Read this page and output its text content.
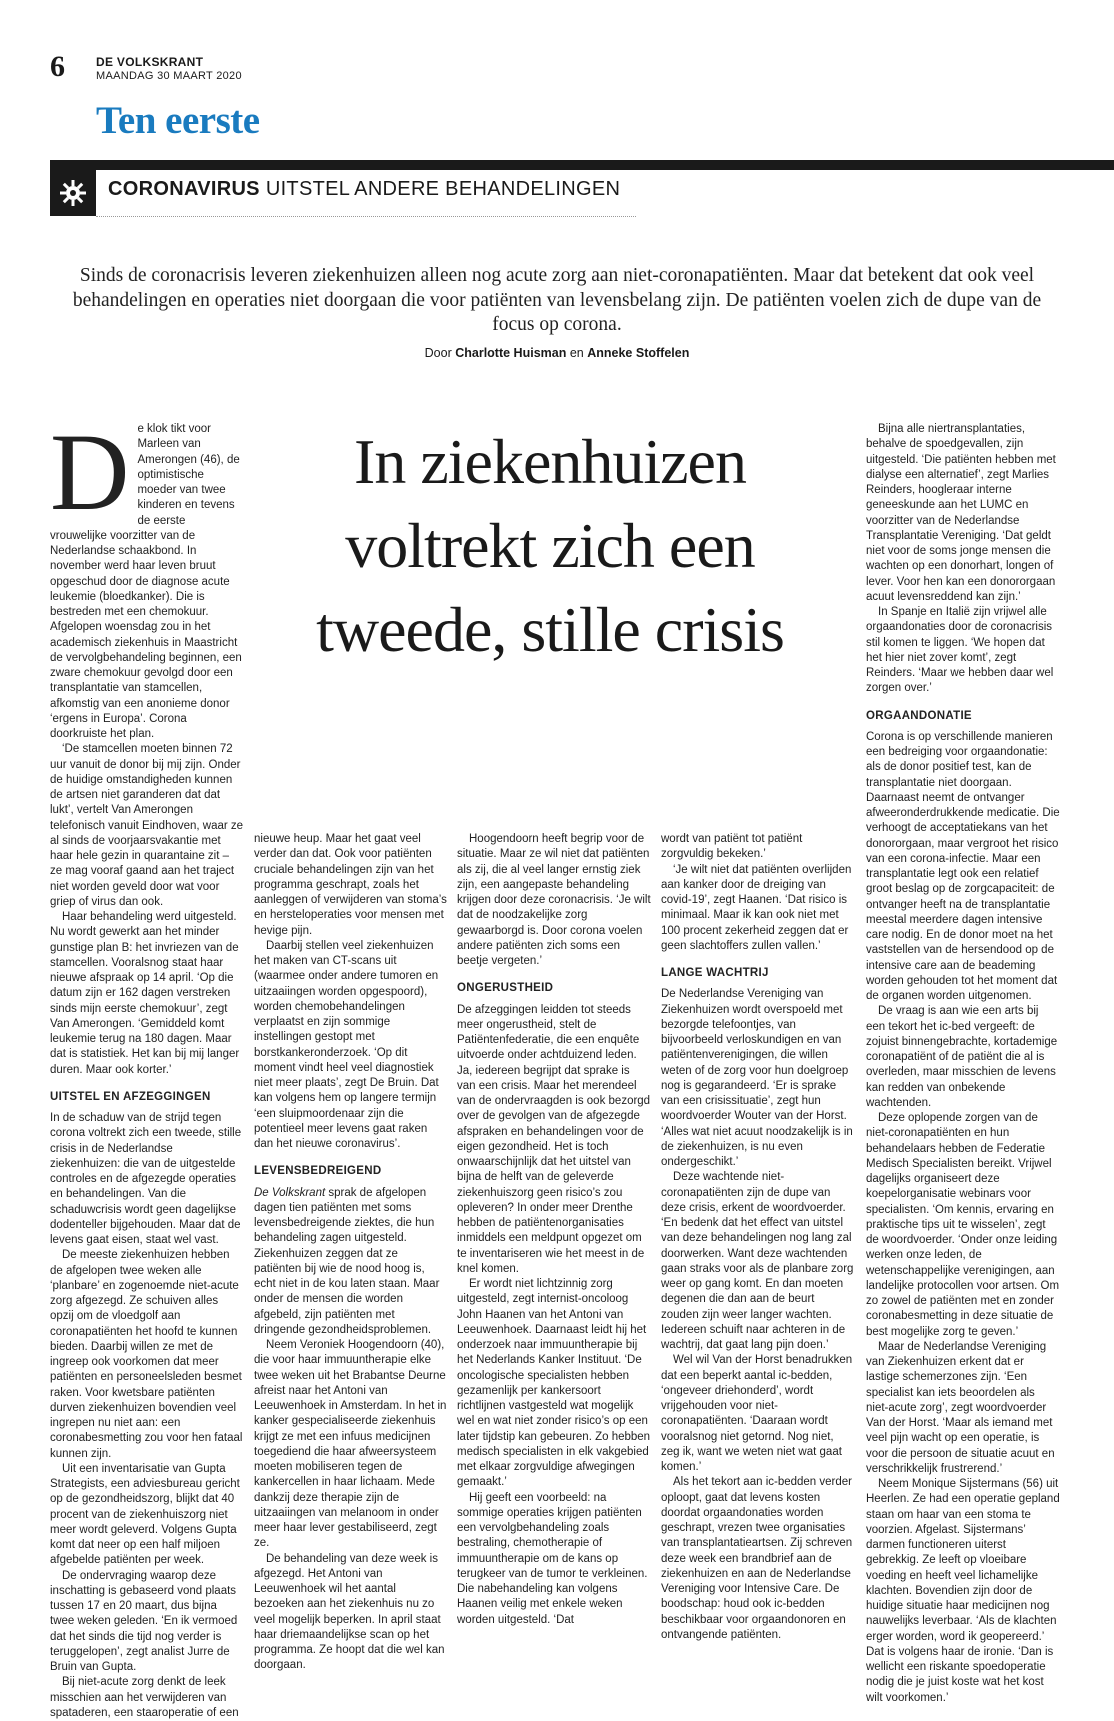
6	DE VOLKSKRANT
MAANDAG 30 MAART 2020
Ten eerste
CORONAVIRUS UITSTEL ANDERE BEHANDELINGEN
Sinds de coronacrisis leveren ziekenhuizen alleen nog acute zorg aan niet-coronapatiënten. Maar dat betekent dat ook veel behandelingen en operaties niet doorgaan die voor patiënten van levensbelang zijn. De patiënten voelen zich de dupe van de focus op corona.
Door Charlotte Huisman en Anneke Stoffelen
In ziekenhuizen voltrekt zich een tweede, stille crisis

De klok tikt voor Marleen van Amerongen (46), de optimistische moeder van twee kinderen en tevens de eerste vrouwelijke voorzitter van de Nederlandse schaakbond. In november werd haar leven bruut opgeschud door de diagnose acute leukemie (bloedkanker). Die is bestreden met een chemokuur. Afgelopen woensdag zou in het academisch ziekenhuis in Maastricht de vervolgbehandeling beginnen, een zware chemokuur gevolgd door een transplantatie van stamcellen, afkomstig van een anonieme donor ‘ergens in Europa’. Corona doorkruiste het plan.

‘De stamcellen moeten binnen 72 uur vanuit de donor bij mij zijn. Onder de huidige omstandigheden kunnen de artsen niet garanderen dat dat lukt’, vertelt Van Amerongen telefonisch vanuit Eindhoven, waar ze al sinds de voorjaarsvakantie met haar hele gezin in quarantaine zit – ze mag vooraf gaand aan het traject niet worden geveld door wat voor griep of virus dan ook.

Haar behandeling werd uitgesteld. Nu wordt gewerkt aan het minder gunstige plan B: het invriezen van de stamcellen. Vooralsnog staat haar nieuwe afspraak op 14 april. ‘Op die datum zijn er 162 dagen verstreken sinds mijn eerste chemokuur’, zegt Van Amerongen. ‘Gemiddeld komt leukemie terug na 180 dagen. Maar dat is statistiek. Het kan bij mij langer duren. Maar ook korter.’

UITSTEL EN AFZEGGINGEN

In de schaduw van de strijd tegen corona voltrekt zich een tweede, stille crisis in de Nederlandse ziekenhuizen: die van de uitgestelde controles en de afgezegde operaties en behandelingen. Van die schaduwcrisis wordt geen dagelijkse dodenteller bijgehouden. Maar dat de levens gaat eisen, staat wel vast.

De meeste ziekenhuizen hebben de afgelopen twee weken alle ‘planbare’ en zogenoemde niet-acute zorg afgezegd. Ze schuiven alles opzij om de vloedgolf aan coronapatiënten het hoofd te kunnen bieden. Daarbij willen ze met de ingreep ook voorkomen dat meer patiënten en personeelsleden besmet raken. Voor kwetsbare patiënten durven ziekenhuizen bovendien veel ingrepen nu niet aan: een coronabesmetting zou voor hen fataal kunnen zijn.

Uit een inventarisatie van Gupta Strategists, een adviesbureau gericht op de gezondheidszorg, blijkt dat 40 procent van de ziekenhuiszorg niet meer wordt geleverd. Volgens Gupta komt dat neer op een half miljoen afgebelde patiënten per week.

De ondervraging waarop deze inschatting is gebaseerd vond plaats tussen 17 en 20 maart, dus bijna twee weken geleden. ‘En ik vermoed dat het sinds die tijd nog verder is teruggelopen’, zegt analist Jurre de Bruin van Gupta.

Bij niet-acute zorg denkt de leek misschien aan het verwijderen van spataderen, een staaroperatie of een

nieuwe heup. Maar het gaat veel verder dan dat. Ook voor patiënten cruciale behandelingen zijn van het programma geschrapt, zoals het aanleggen of verwijderen van stoma’s en hersteloperaties voor mensen met hevige pijn.

Daarbij stellen veel ziekenhuizen het maken van CT-scans uit (waarmee onder andere tumoren en uitzaaiingen worden opgespoord), worden chemobehandelingen verplaatst en zijn sommige instellingen gestopt met borstkankeronderzoek. ‘Op dit moment vindt heel veel diagnostiek niet meer plaats’, zegt De Bruin. Dat kan volgens hem op langere termijn ‘een sluipmoordenaar zijn die potentieel meer levens gaat raken dan het nieuwe coronavirus’.

LEVENSBEDREIGEND

De Volkskrant sprak de afgelopen dagen tien patiënten met soms levensbedreigende ziektes, die hun behandeling zagen uitgesteld. Ziekenhuizen zeggen dat ze patiënten bij wie de nood hoog is, echt niet in de kou laten staan. Maar onder de mensen die worden afgebeld, zijn patiënten met dringende gezondheidsproblemen.

Neem Veroniek Hoogendoorn (40), die voor haar immuuntherapie elke twee weken uit het Brabantse Deurne afreist naar het Antoni van Leeuwenhoek in Amsterdam. In het in kanker gespecialiseerde ziekenhuis krijgt ze met een infuus medicijnen toegediend die haar afweersysteem moeten mobiliseren tegen de kankercellen in haar lichaam. Mede dankzij deze therapie zijn de uitzaaiingen van melanoom in onder meer haar lever gestabiliseerd, zegt ze.

De behandeling van deze week is afgezegd. Het Antoni van Leeuwenhoek wil het aantal bezoeken aan het ziekenhuis nu zo veel mogelijk beperken. In april staat haar driemaandelijkse scan op het programma. Ze hoopt dat die wel kan doorgaan.

Hoogendoorn heeft begrip voor de situatie. Maar ze wil niet dat patiënten als zij, die al veel langer ernstig ziek zijn, een aangepaste behandeling krijgen door deze coronacrisis. ‘Je wilt dat de noodzakelijke zorg gewaarborgd is. Door corona voelen andere patiënten zich soms een beetje vergeten.’

ONGERUSTHEID

De afzeggingen leidden tot steeds meer ongerustheid, stelt de Patiëntenfederatie, die een enquête uitvoerde onder achtduizend leden. Ja, iedereen begrijpt dat sprake is van een crisis. Maar het merendeel van de ondervraagden is ook bezorgd over de gevolgen van de afgezegde afspraken en behandelingen voor de eigen gezondheid. Het is toch onwaarschijnlijk dat het uitstel van bijna de helft van de geleverde ziekenhuiszorg geen risico’s zou opleveren? In onder meer Drenthe hebben de patiëntenorganisaties inmiddels een meldpunt opgezet om te inventariseren wie het meest in de knel komen.

Er wordt niet lichtzinnig zorg uitgesteld, zegt internist-oncoloog John Haanen van het Antoni van Leeuwenhoek. Daarnaast leidt hij het onderzoek naar immuuntherapie bij het Nederlands Kanker Instituut. ‘De oncologische specialisten hebben gezamenlijk per kankersoort richtlijnen vastgesteld wat mogelijk wel en wat niet zonder risico’s op een later tijdstip kan gebeuren. Zo hebben medisch specialisten in elk vakgebied met elkaar zorgvuldige afwegingen gemaakt.’

Hij geeft een voorbeeld: na sommige operaties krijgen patiënten een vervolgbehandeling zoals bestraling, chemotherapie of immuuntherapie om de kans op terugkeer van de tumor te verkleinen. Die nabehandeling kan volgens Haanen veilig met enkele weken worden uitgesteld. ‘Dat

wordt van patiënt tot patiënt zorgvuldig bekeken.’

‘Je wilt niet dat patiënten overlijden aan kanker door de dreiging van covid-19’, zegt Haanen. ‘Dat risico is minimaal. Maar ik kan ook niet met 100 procent zekerheid zeggen dat er geen slachtoffers zullen vallen.’

LANGE WACHTRIJ

De Nederlandse Vereniging van Ziekenhuizen wordt overspoeld met bezorgde telefoontjes, van bijvoorbeeld verloskundigen en van patiëntenverenigingen, die willen weten of de zorg voor hun doelgroep nog is gegarandeerd. ‘Er is sprake van een crisissituatie’, zegt hun woordvoerder Wouter van der Horst. ‘Alles wat niet acuut noodzakelijk is in de ziekenhuizen, is nu even ondergeschikt.’

Deze wachtende niet-coronapatiënten zijn de dupe van deze crisis, erkent de woordvoerder. ‘En bedenk dat het effect van uitstel van deze behandelingen nog lang zal doorwerken. Want deze wachtenden gaan straks voor als de planbare zorg weer op gang komt. En dan moeten degenen die dan aan de beurt zouden zijn weer langer wachten. Iedereen schuift naar achteren in de wachtrij, dat gaat lang pijn doen.’

Wel wil Van der Horst benadrukken dat een beperkt aantal ic-bedden, ‘ongeveer driehonderd’, wordt vrijgehouden voor niet-coronapatiënten. ‘Daaraan wordt vooralsnog niet getornd. Nog niet, zeg ik, want we weten niet wat gaat komen.’

Als het tekort aan ic-bedden verder oploopt, gaat dat levens kosten doordat orgaandonaties worden geschrapt, vrezen twee organisaties van transplantatieartsen. Zij schreven deze week een brandbrief aan de ziekenhuizen en aan de Nederlandse Vereniging voor Intensive Care. De boodschap: houd ook ic-bedden beschikbaar voor orgaandonoren en ontvangende patiënten.

Bijna alle niertransplantaties, behalve de spoedgevallen, zijn uitgesteld. ‘Die patiënten hebben met dialyse een alternatief’, zegt Marlies Reinders, hoogleraar interne geneeskunde aan het LUMC en voorzitter van de Nederlandse Transplantatie Vereniging. ‘Dat geldt niet voor de soms jonge mensen die wachten op een donorhart, longen of lever. Voor hen kan een donororgaan acuut levensreddend kan zijn.’

In Spanje en Italië zijn vrijwel alle orgaandonaties door de coronacrisis stil komen te liggen. ‘We hopen dat het hier niet zover komt’, zegt Reinders. ‘Maar we hebben daar wel zorgen over.’

ORGAANDONATIE

Corona is op verschillende manieren een bedreiging voor orgaandonatie: als de donor positief test, kan de transplantatie niet doorgaan. Daarnaast neemt de ontvanger afweeronderdrukkende medicatie. Die verhoogt de acceptatiekans van het donororgaan, maar vergroot het risico van een corona-infectie. Maar een transplantatie legt ook een relatief groot beslag op de zorgcapaciteit: de ontvanger heeft na de transplantatie meestal meerdere dagen intensive care nodig. En de donor moet na het vaststellen van de hersendood op de intensive care aan de beademing worden gehouden tot het moment dat de organen worden uitgenomen.

De vraag is aan wie een arts bij een tekort het ic-bed vergeeft: de zojuist binnengebrachte, kortademige coronapatiënt of de patiënt die al is overleden, maar misschien de levens kan redden van onbekende wachtenden.

Deze oplopende zorgen van de niet-coronapatiënten en hun behandelaars hebben de Federatie Medisch Specialisten bereikt. Vrijwel dagelijks organiseert deze koepelorganisatie webinars voor specialisten. ‘Om kennis, ervaring en praktische tips uit te wisselen’, zegt de woordvoerder. ‘Onder onze leiding werken onze leden, de wetenschappelijke verenigingen, aan landelijke protocollen voor artsen. Om zo zowel de patiënten met en zonder coronabesmetting in deze situatie de best mogelijke zorg te geven.’

Maar de Nederlandse Vereniging van Ziekenhuizen erkent dat er lastige schemerzones zijn. ‘Een specialist kan iets beoordelen als niet-acute zorg’, zegt woordvoerder Van der Horst. ‘Maar als iemand met veel pijn wacht op een operatie, is voor die persoon de situatie acuut en verschrikkelijk frustrerend.’

Neem Monique Sijstermans (56) uit Heerlen. Ze had een operatie gepland staan om haar van een stoma te voorzien. Afgelast. Sijstermans’ darmen functioneren uiterst gebrekkig. Ze leeft op vloeibare voeding en heeft veel lichamelijke klachten. Bovendien zijn door de huidige situatie haar medicijnen nog nauwelijks leverbaar. ‘Als de klachten erger worden, word ik geopereerd.’ Dat is volgens haar de ironie. ‘Dan is wellicht een riskante spoedoperatie nodig die je juist koste wat het kost wilt voorkomen.’
